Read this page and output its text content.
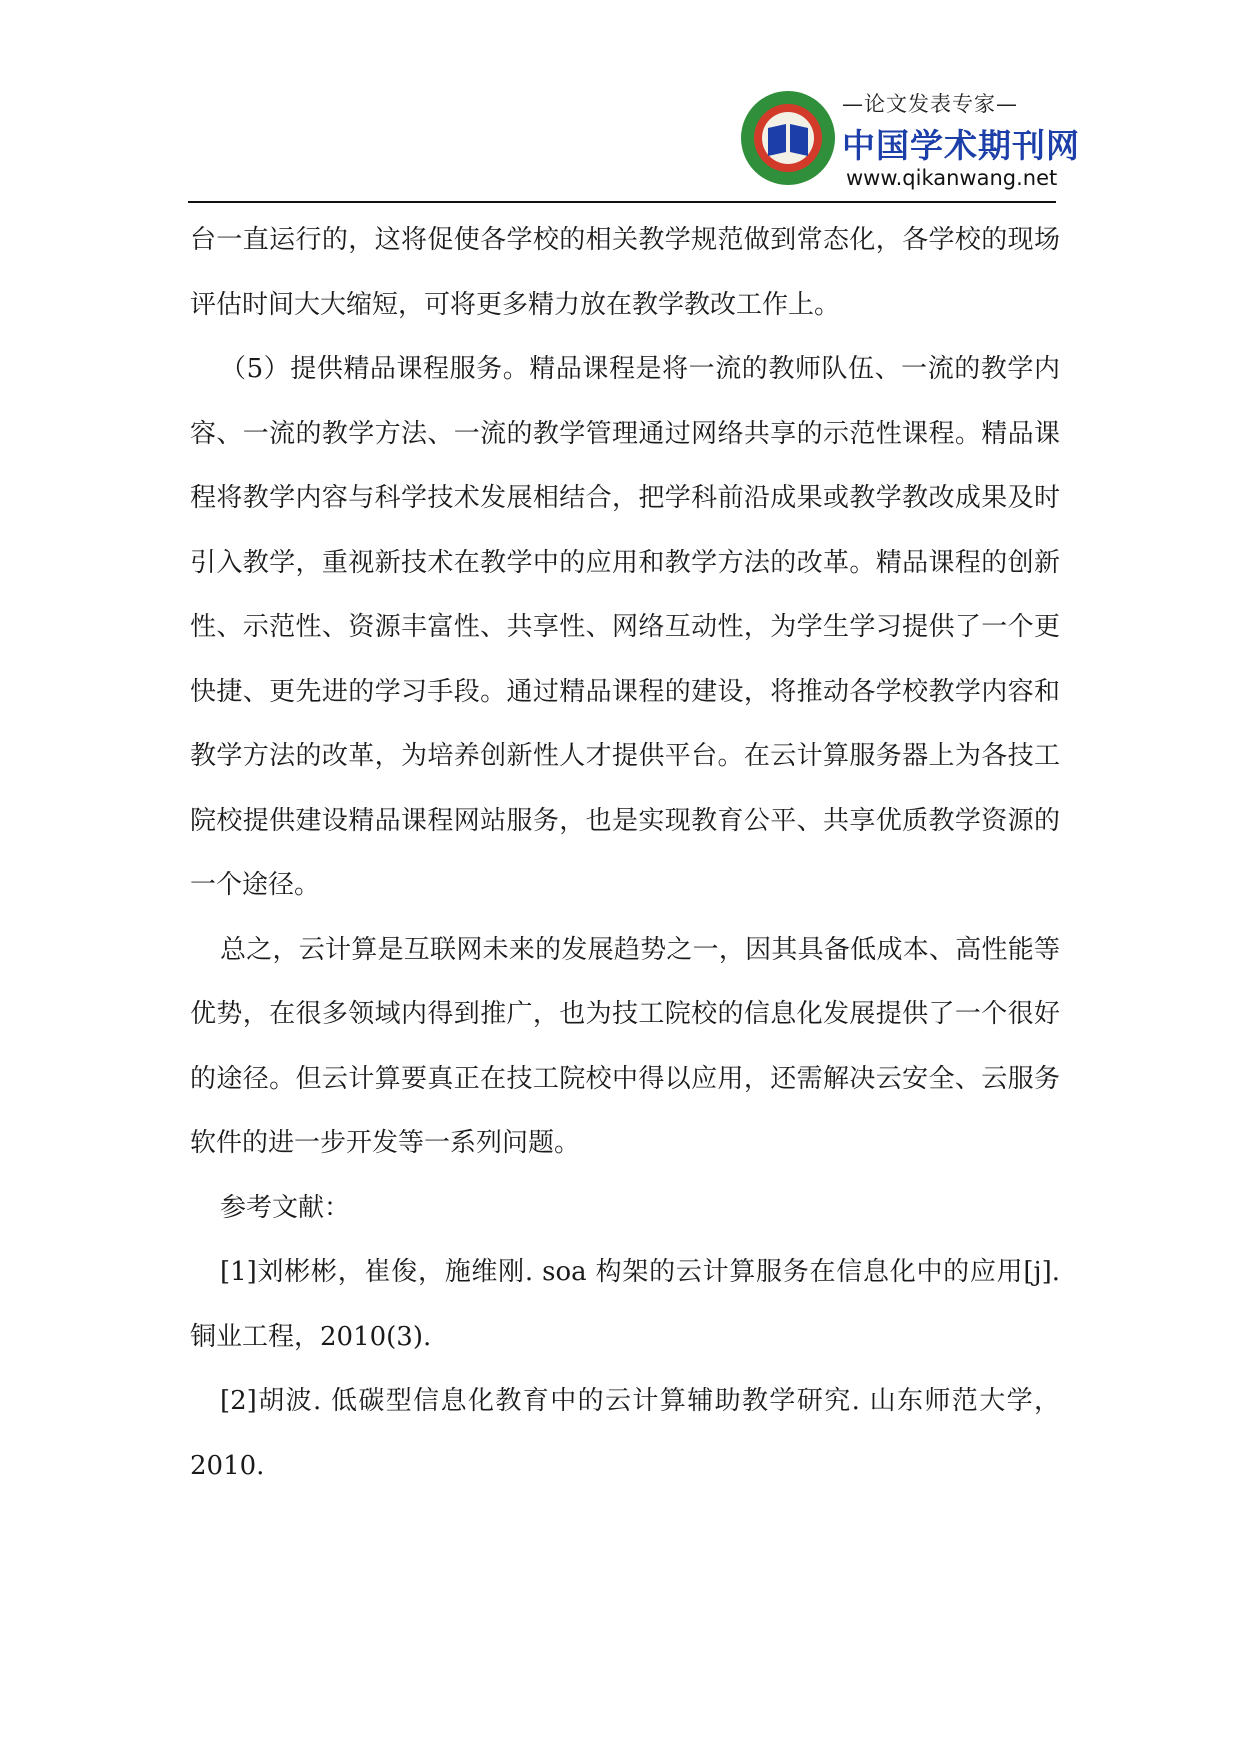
—论文发表专家—
中国学术期刊网
www.qikanwang.net

台一直运行的，这将促使各学校的相关教学规范做到常态化，各学校的现场评估时间大大缩短，可将更多精力放在教学教改工作上。

（5）提供精品课程服务。精品课程是将一流的教师队伍、一流的教学内容、一流的教学方法、一流的教学管理通过网络共享的示范性课程。精品课程将教学内容与科学技术发展相结合，把学科前沿成果或教学教改成果及时引入教学，重视新技术在教学中的应用和教学方法的改革。精品课程的创新性、示范性、资源丰富性、共享性、网络互动性，为学生学习提供了一个更快捷、更先进的学习手段。通过精品课程的建设，将推动各学校教学内容和教学方法的改革，为培养创新性人才提供平台。在云计算服务器上为各技工院校提供建设精品课程网站服务，也是实现教育公平、共享优质教学资源的一个途径。

总之，云计算是互联网未来的发展趋势之一，因其具备低成本、高性能等优势，在很多领域内得到推广，也为技工院校的信息化发展提供了一个很好的途径。但云计算要真正在技工院校中得以应用，还需解决云安全、云服务软件的进一步开发等一系列问题。

参考文献：

[1]刘彬彬，崔俊，施维刚. soa 构架的云计算服务在信息化中的应用[j]. 铜业工程，2010(3).

[2]胡波. 低碳型信息化教育中的云计算辅助教学研究. 山东师范大学，2010.
